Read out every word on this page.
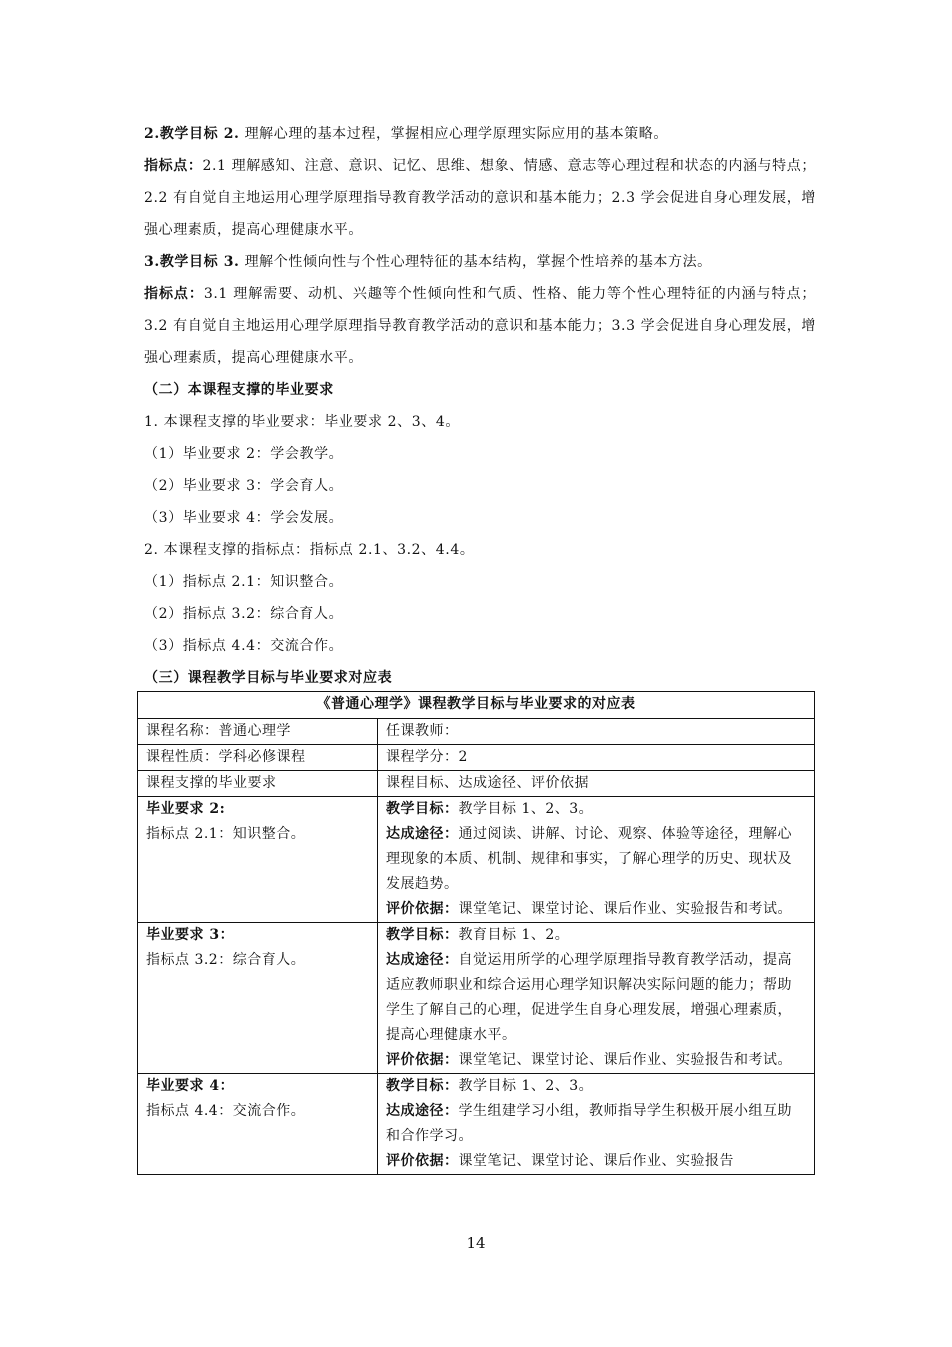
2.教学目标 2. 理解心理的基本过程，掌握相应心理学原理实际应用的基本策略。

指标点：2.1 理解感知、注意、意识、记忆、思维、想象、情感、意志等心理过程和状态的内涵与特点；2.2 有自觉自主地运用心理学原理指导教育教学活动的意识和基本能力；2.3 学会促进自身心理发展，增强心理素质，提高心理健康水平。

3.教学目标 3. 理解个性倾向性与个性心理特征的基本结构，掌握个性培养的基本方法。

指标点：3.1 理解需要、动机、兴趣等个性倾向性和气质、性格、能力等个性心理特征的内涵与特点；3.2 有自觉自主地运用心理学原理指导教育教学活动的意识和基本能力；3.3 学会促进自身心理发展，增强心理素质，提高心理健康水平。

（二）本课程支撑的毕业要求

1. 本课程支撑的毕业要求：毕业要求 2、3、4。

（1）毕业要求 2：学会教学。

（2）毕业要求 3：学会育人。

（3）毕业要求 4：学会发展。

2. 本课程支撑的指标点：指标点 2.1、3.2、4.4。

（1）指标点 2.1：知识整合。

（2）指标点 3.2：综合育人。

（3）指标点 4.4：交流合作。

（三）课程教学目标与毕业要求对应表

《普通心理学》课程教学目标与毕业要求的对应表	
课程名称：普通心理学	任课教师：
课程性质：学科必修课程	课程学分：2
课程支撑的毕业要求	课程目标、达成途径、评价依据

毕业要求 2:
指标点 2.1：知识整合。	教学目标：教学目标 1、2、3。
达成途径：通过阅读、讲解、讨论、观察、体验等途径，理解心理现象的本质、机制、规律和事实，了解心理学的历史、现状及发展趋势。
评价依据：课堂笔记、课堂讨论、课后作业、实验报告和考试。

毕业要求 3：
指标点 3.2：综合育人。	教学目标：教育目标 1、2。
达成途径：自觉运用所学的心理学原理指导教育教学活动，提高适应教师职业和综合运用心理学知识解决实际问题的能力；帮助学生了解自己的心理，促进学生自身心理发展，增强心理素质，提高心理健康水平。
评价依据：课堂笔记、课堂讨论、课后作业、实验报告和考试。

毕业要求 4：
指标点 4.4：交流合作。	教学目标：教学目标 1、2、3。
达成途径：学生组建学习小组，教师指导学生积极开展小组互助和合作学习。
评价依据：课堂笔记、课堂讨论、课后作业、实验报告
14
